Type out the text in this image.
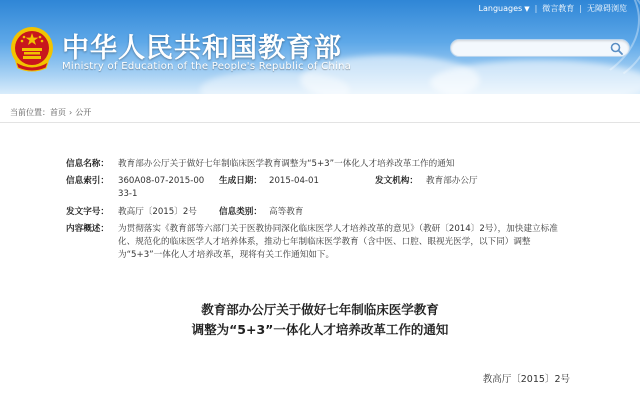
中华人民共和国教育部
Ministry of Education of the People's Republic of China
Languages ▼ | 微言教育 | 无障碍浏览
当前位置： 首页 › 公开
信息名称： 教育部办公厅关于做好七年制临床医学教育调整为“5+3”一体化人才培养改革工作的通知
信息索引： 360A08-07-2015-0033-1
生成日期： 2015-04-01	发文机构： 教育部办公厅
发文字号： 教高厅〔2015〕2号	信息类别： 高等教育
内容概述： 为贯彻落实《教育部等六部门关于医教协同深化临床医学人才培养改革的意见》（教研〔2014〕2号），加快建立标准化、规范化的临床医学人才培养体系，推动七年制临床医学教育（含中医、口腔、眼视光医学，以下同）调整为“5+3”一体化人才培养改革，现将有关工作通知如下。
教育部办公厅关于做好七年制临床医学教育
调整为“5+3”一体化人才培养改革工作的通知
教高厅〔2015〕2号
